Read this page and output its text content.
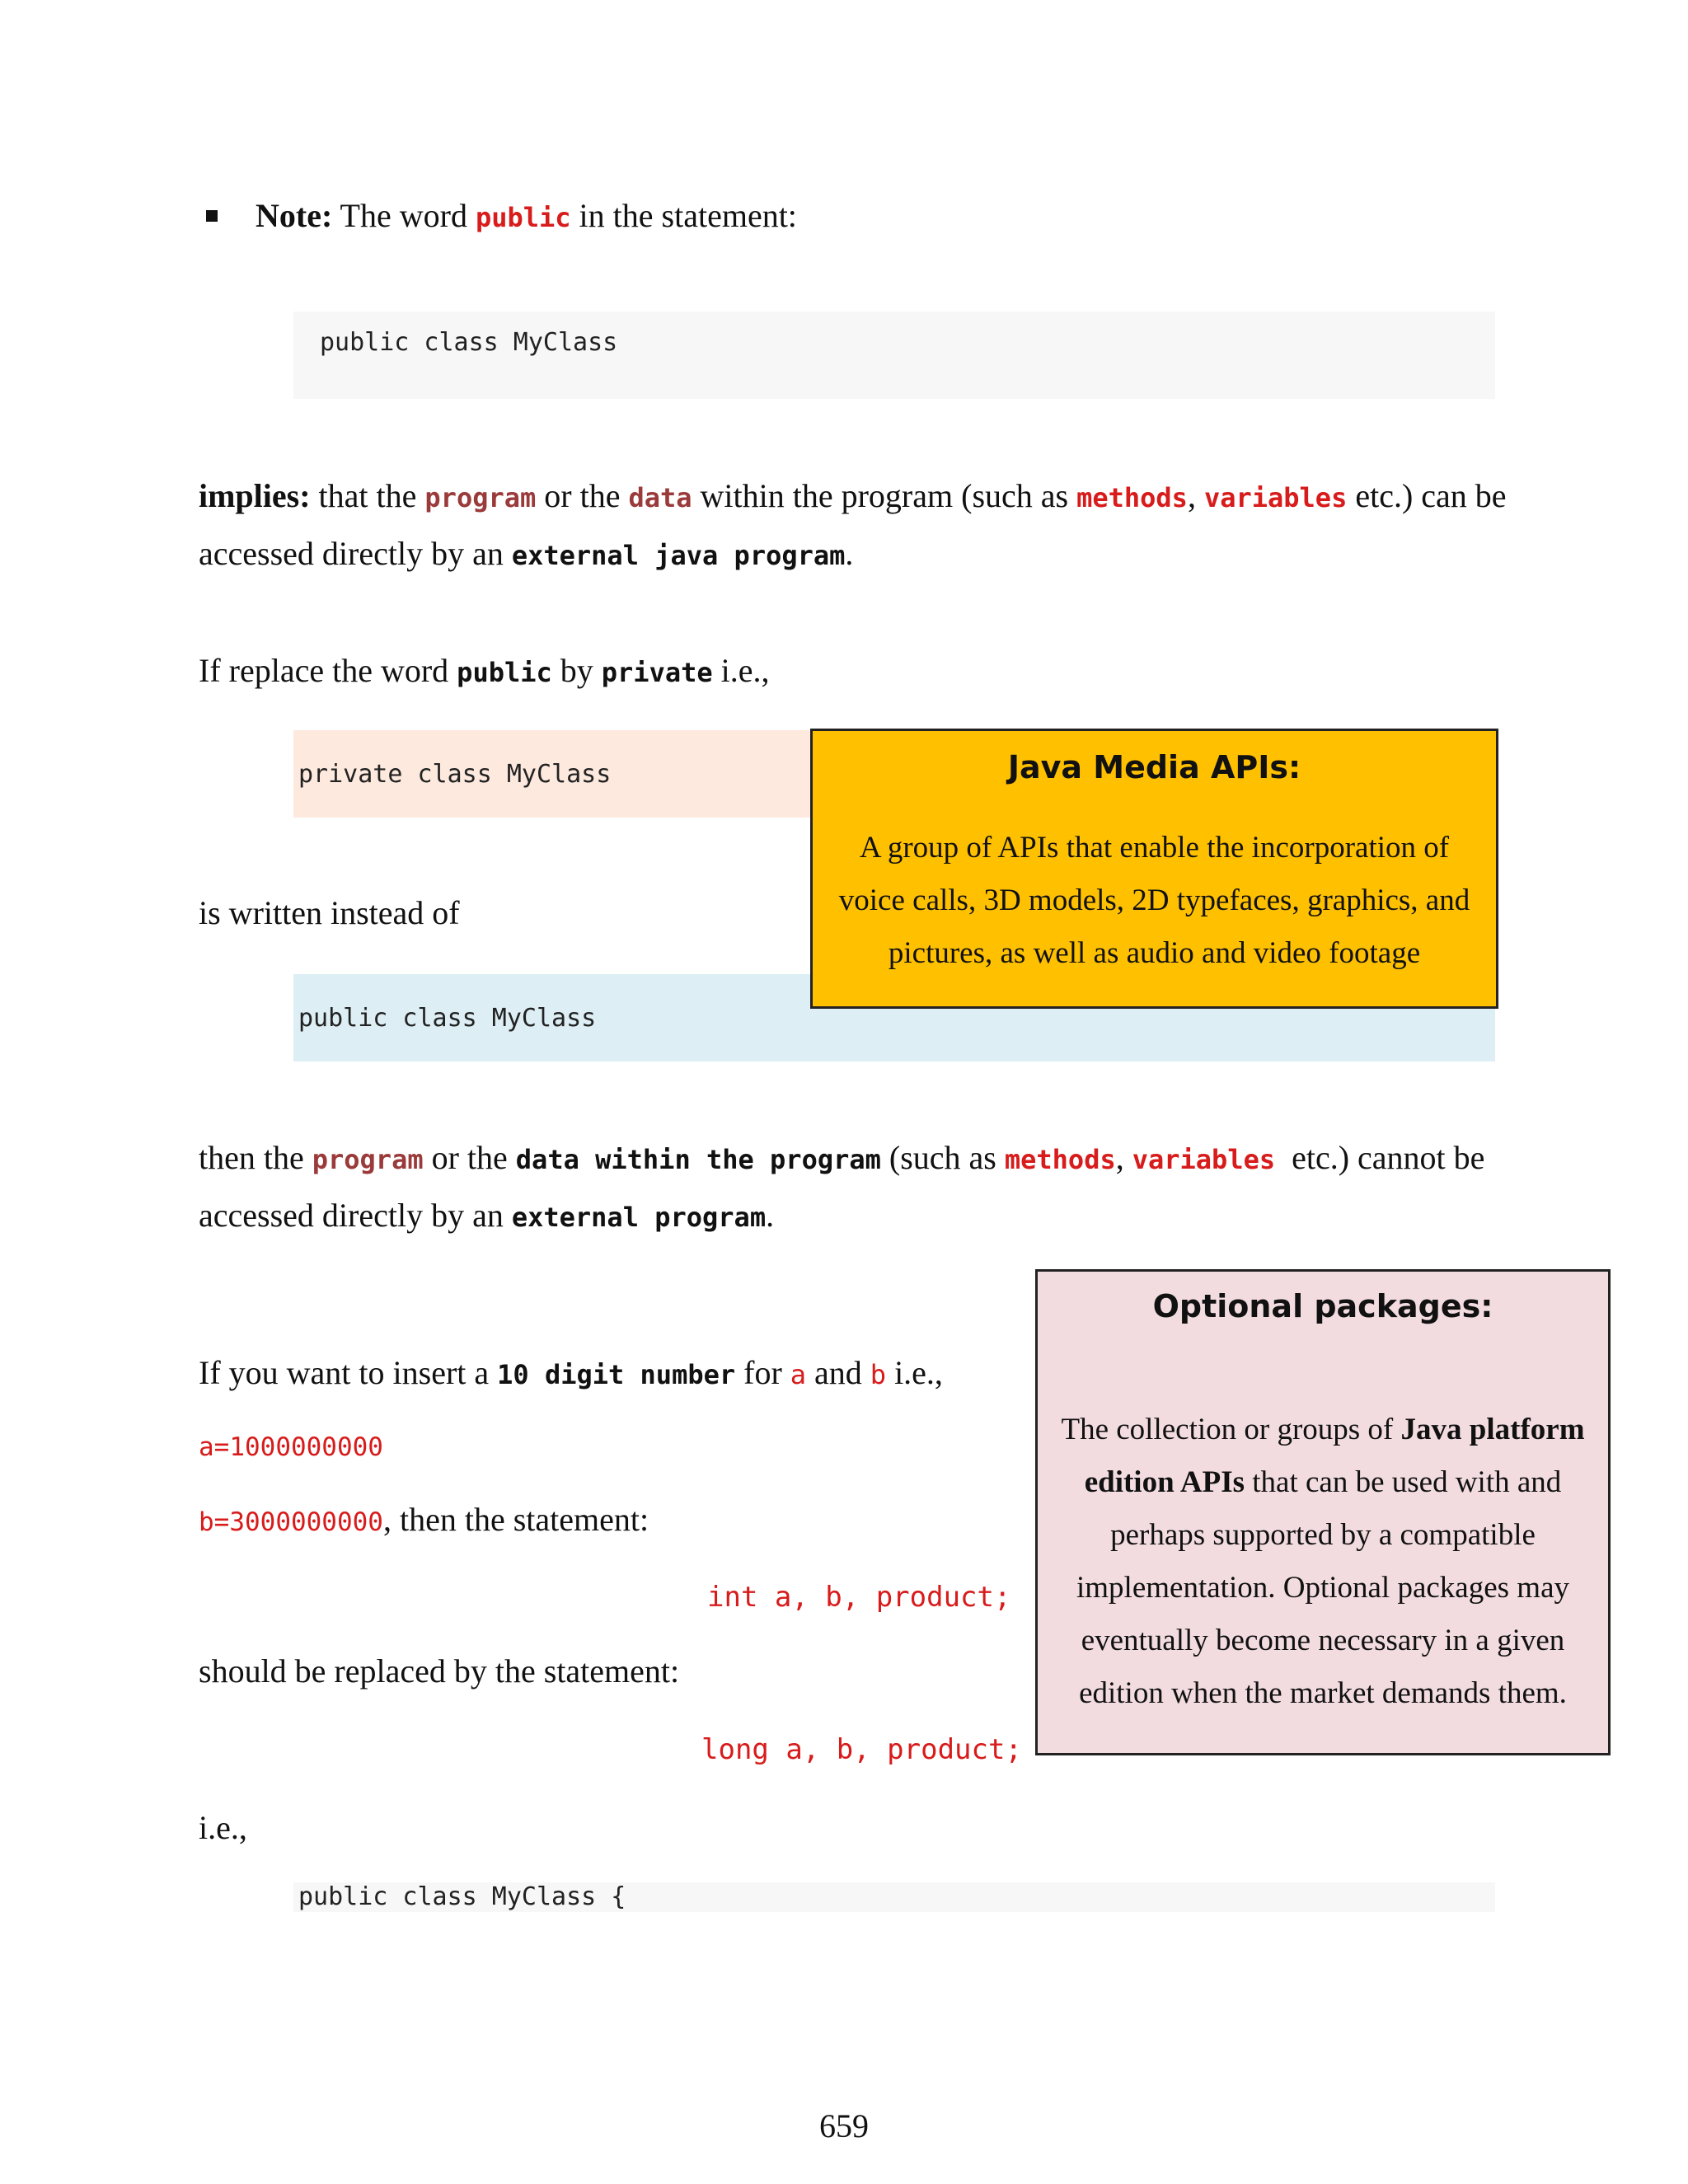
Note: The word public in the statement:
public class MyClass
implies: that the program or the data within the program (such as methods, variables etc.) can be
accessed directly by an external java program.
If replace the word public by private i.e.,
private class MyClass
is written instead of
public class MyClass
Java Media APIs:
A group of APIs that enable the incorporation of
voice calls, 3D models, 2D typefaces, graphics, and
pictures, as well as audio and video footage
then the program or the data within the program (such as methods, variables  etc.) cannot be
accessed directly by an external program.
Optional packages:
The collection or groups of Java platform
edition APIs that can be used with and
perhaps supported by a compatible
implementation. Optional packages may
eventually become necessary in a given
edition when the market demands them.
If you want to insert a 10 digit number for a and b i.e.,
a=1000000000
b=3000000000, then the statement:
int a, b, product;
should be replaced by the statement:
long a, b, product;
i.e.,
public class MyClass {
659
